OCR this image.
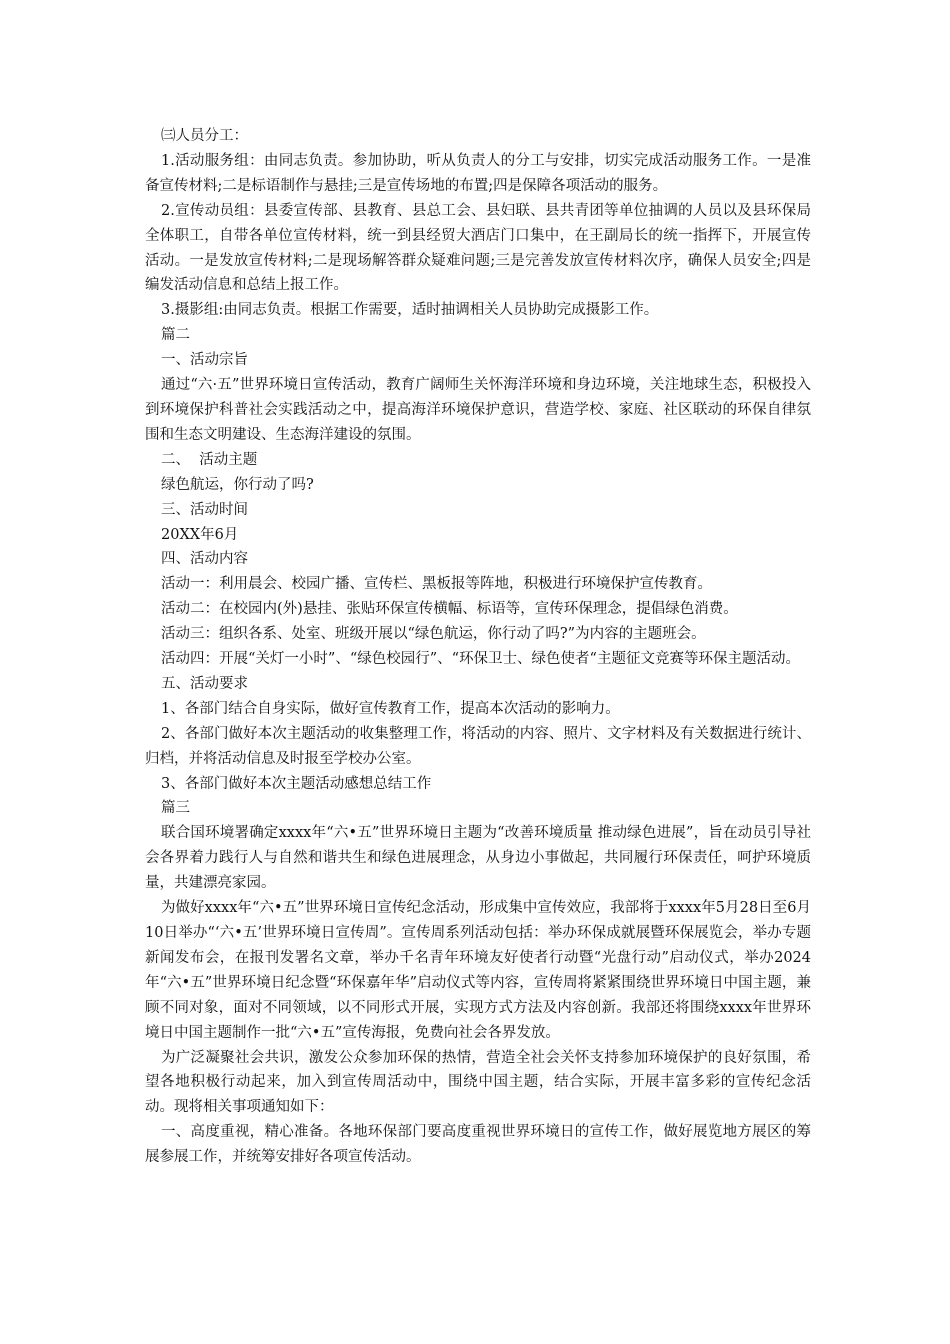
㈢人员分工：

1.活动服务组：由同志负责。参加协助，听从负责人的分工与安排，切实完成活动服务工作。一是准备宣传材料;二是标语制作与悬挂;三是宣传场地的布置;四是保障各项活动的服务。

2.宣传动员组：县委宣传部、县教育、县总工会、县妇联、县共青团等单位抽调的人员以及县环保局全体职工，自带各单位宣传材料，统一到县经贸大酒店门口集中，在王副局长的统一指挥下，开展宣传活动。一是发放宣传材料;二是现场解答群众疑难问题;三是完善发放宣传材料次序，确保人员安全;四是编发活动信息和总结上报工作。

3.摄影组:由同志负责。根据工作需要，适时抽调相关人员协助完成摄影工作。

篇二

一、活动宗旨

通过“六·五”世界环境日宣传活动，教育广阔师生关怀海洋环境和身边环境，关注地球生态，积极投入到环境保护科普社会实践活动之中，提高海洋环境保护意识，营造学校、家庭、社区联动的环保自律氛围和生态文明建设、生态海洋建设的氛围。

二、  活动主题

绿色航运，你行动了吗?

三、活动时间

20XX年6月

四、活动内容

活动一：利用晨会、校园广播、宣传栏、黑板报等阵地，积极进行环境保护宣传教育。

活动二：在校园内(外)悬挂、张贴环保宣传横幅、标语等，宣传环保理念，提倡绿色消费。

活动三：组织各系、处室、班级开展以“绿色航运，你行动了吗?”为内容的主题班会。

活动四：开展“关灯一小时”、“绿色校园行”、“环保卫士、绿色使者“主题征文竞赛等环保主题活动。

五、活动要求

1、各部门结合自身实际，做好宣传教育工作，提高本次活动的影响力。

2、各部门做好本次主题活动的收集整理工作，将活动的内容、照片、文字材料及有关数据进行统计、归档，并将活动信息及时报至学校办公室。

3、各部门做好本次主题活动感想总结工作

篇三

联合国环境署确定xxxx年“六•五”世界环境日主题为“改善环境质量 推动绿色进展”，旨在动员引导社会各界着力践行人与自然和谐共生和绿色进展理念，从身边小事做起，共同履行环保责任，呵护环境质量，共建漂亮家园。

为做好xxxx年“六•五”世界环境日宣传纪念活动，形成集中宣传效应，我部将于xxxx年5月28日至6月10日举办“‘六•五’世界环境日宣传周”。宣传周系列活动包括：举办环保成就展暨环保展览会，举办专题新闻发布会，在报刊发署名文章，举办千名青年环境友好使者行动暨“光盘行动”启动仪式，举办2024年“六•五”世界环境日纪念暨“环保嘉年华”启动仪式等内容，宣传周将紧紧围绕世界环境日中国主题，兼顾不同对象，面对不同领域，以不同形式开展，实现方式方法及内容创新。我部还将围绕xxxx年世界环境日中国主题制作一批“六•五”宣传海报，免费向社会各界发放。

为广泛凝聚社会共识，激发公众参加环保的热情，营造全社会关怀支持参加环境保护的良好氛围，希望各地积极行动起来，加入到宣传周活动中，围绕中国主题，结合实际，开展丰富多彩的宣传纪念活动。现将相关事项通知如下：

一、高度重视，精心准备。各地环保部门要高度重视世界环境日的宣传工作，做好展览地方展区的筹展参展工作，并统筹安排好各项宣传活动。
